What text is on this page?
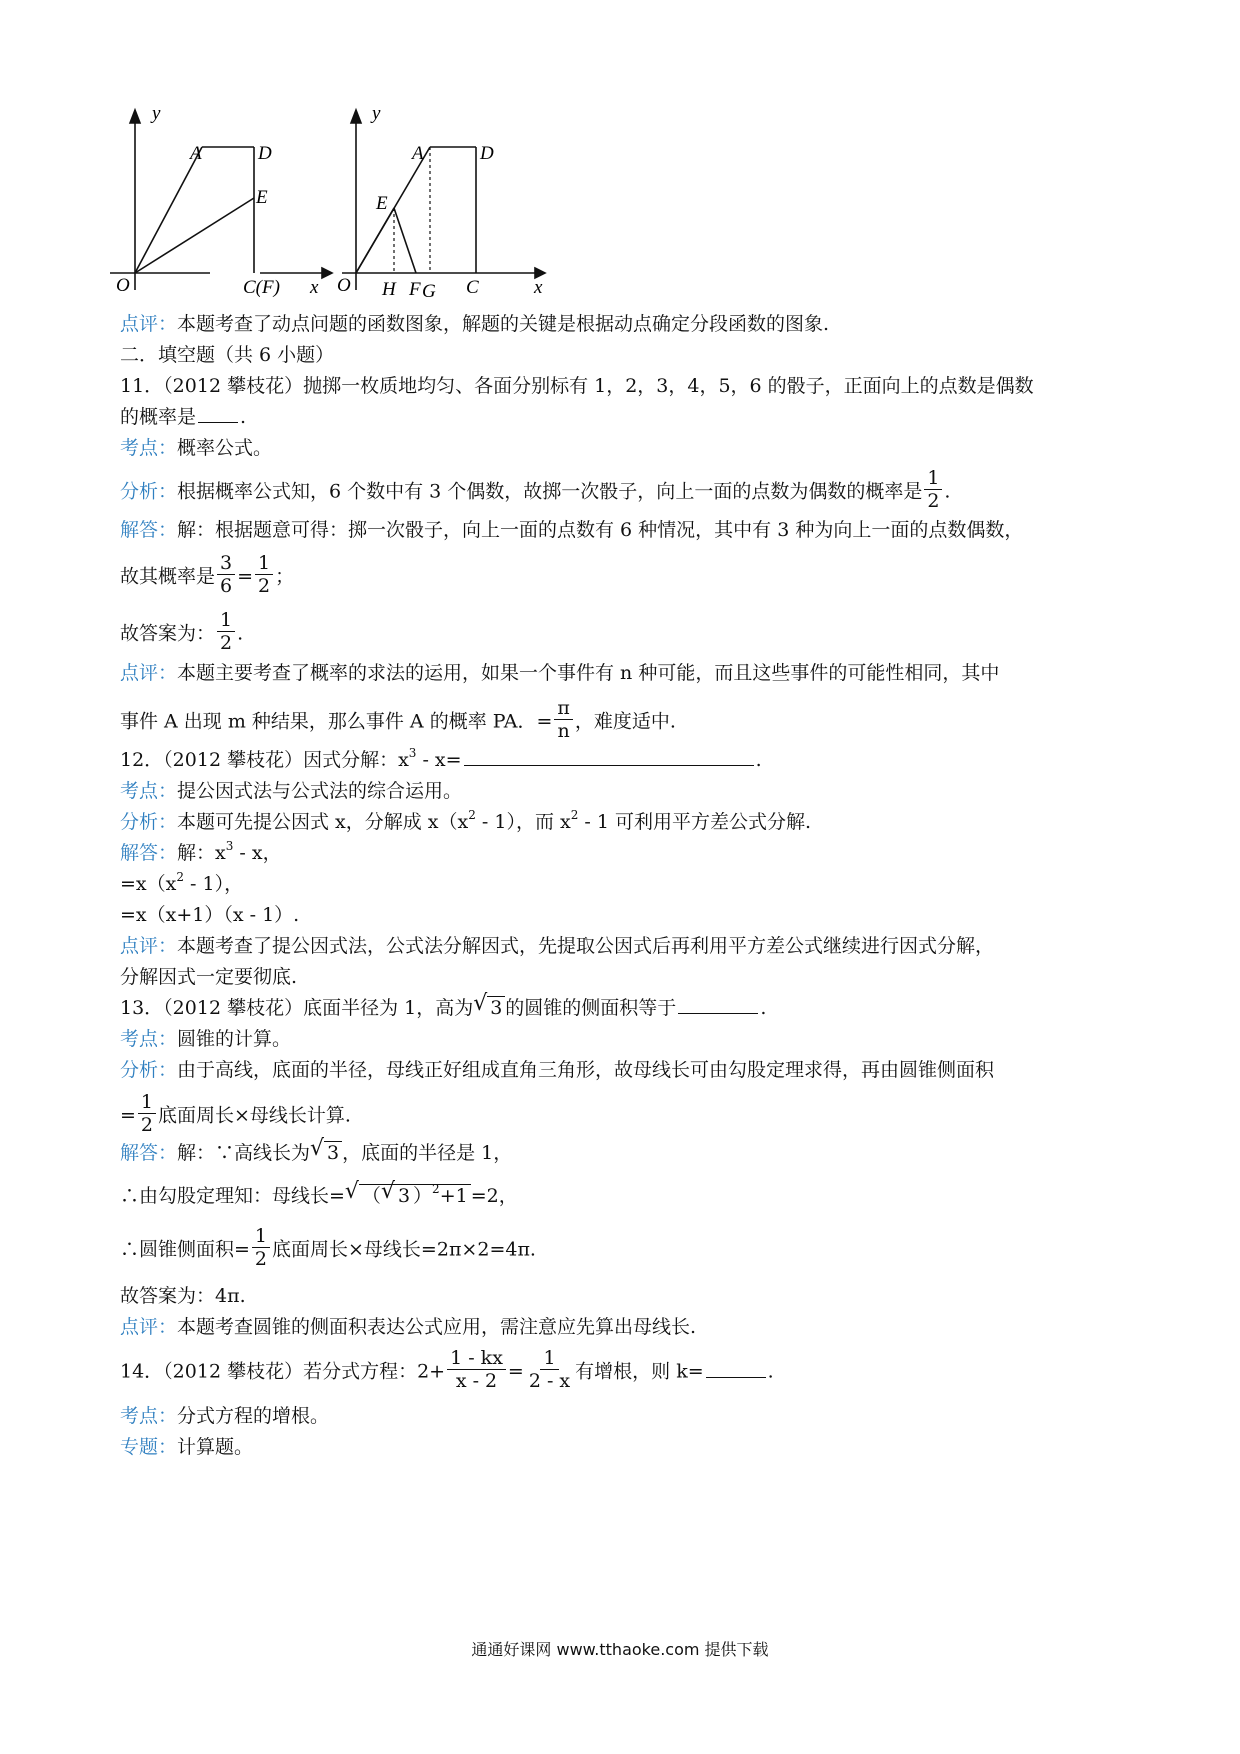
y
O	x
A	D
E
C(F)
y
O	x
A	D
E
H F G C
点评：本题考查了动点问题的函数图象，解题的关键是根据动点确定分段函数的图象.
二．填空题（共 6 小题）
11．（2012 攀枝花）抛掷一枚质地均匀、各面分别标有 1，2，3，4，5，6 的骰子，正面向上的点数是偶数
的概率是 .
考点：概率公式。
分析：根据概率公式知，6 个数中有 3 个偶数，故掷一次骰子，向上一面的点数为偶数的概率是 $\frac{1}{2}$ .
解答：解：根据题意可得：掷一次骰子，向上一面的点数有 6 种情况，其中有 3 种为向上一面的点数偶数，
故其概率是 $\frac{3}{6} = \frac{1}{2}$ ；
故答案为： $\frac{1}{2}$ .
点评：本题主要考查了概率的求法的运用，如果一个事件有 n 种可能，而且这些事件的可能性相同，其中
事件 A 出现 m 种结果，那么事件 A 的概率 PA．= $\frac{\pi}{n}$ ，难度适中.
12．（2012 攀枝花）因式分解：$x^3 - x=$	.
考点：提公因式法与公式法的综合运用。
分析：本题可先提公因式 x，分解成 $x(x^2 - 1)$，而 $x^2 - 1$ 可利用平方差公式分解.
解答：解：$x^3$ - x，
$=x(x^2 - 1)$，
=x（x+1）（x - 1）.
点评：本题考查了提公因式法，公式法分解因式，先提取公因式后再利用平方差公式继续进行因式分解，
分解因式一定要彻底.
13．（2012 攀枝花）底面半径为 1，高为 √ 3 的圆锥的侧面积等于	.
考点：圆锥的计算。
分析：由于高线，底面的半径，母线正好组成直角三角形，故母线长可由勾股定理求得，再由圆锥侧面积
= $\frac{1}{2}$ 底面周长×母线长计算.
解答：解：∵高线长为 √ 3 ，底面的半径是 1，
∴由勾股定理知：母线长= √ （ √ 3 ）$^2$+1 =2，
∴圆锥侧面积= $\frac{1}{2}$ 底面周长×母线长=2π×2=4π.
故答案为：4π.
点评：本题考查圆锥的侧面积表达公式应用，需注意应先算出母线长.
14．（2012 攀枝花）若分式方程：$2+ \frac{1 - kx}{x - 2} = \frac{1}{2 - x}$ 有增根，则 k=	.
考点：分式方程的增根。
专题：计算题。
通通好课网 www.tthaoke.com 提供下载
